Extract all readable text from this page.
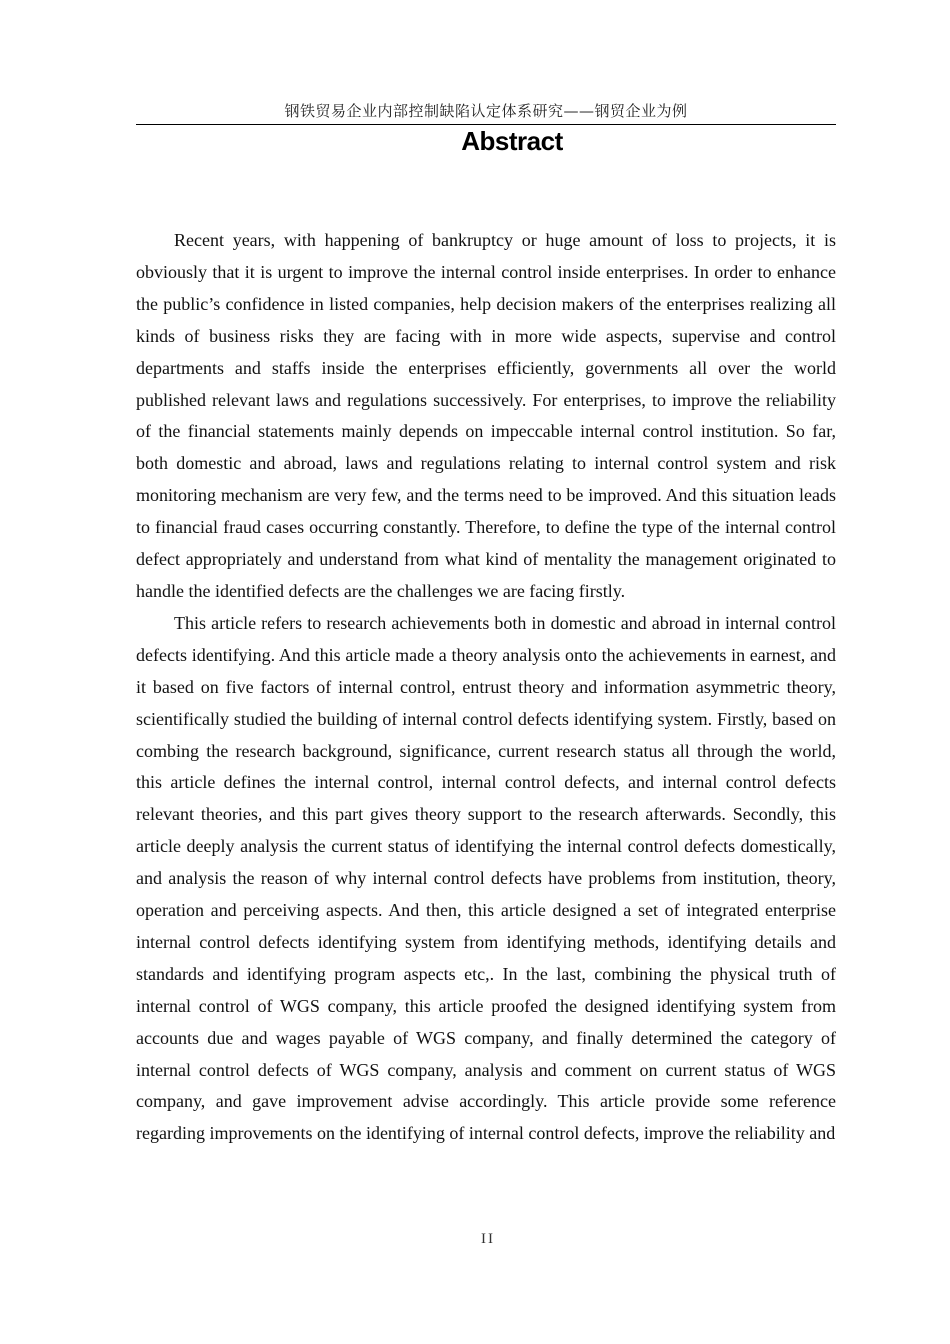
钢铁贸易企业内部控制缺陷认定体系研究——钢贸企业为例
Abstract

Recent years, with happening of bankruptcy or huge amount of loss to projects, it is obviously that it is urgent to improve the internal control inside enterprises. In order to enhance the public’s confidence in listed companies, help decision makers of the enterprises realizing all kinds of business risks they are facing with in more wide aspects, supervise and control departments and staffs inside the enterprises efficiently, governments all over the world published relevant laws and regulations successively. For enterprises, to improve the reliability of the financial statements mainly depends on impeccable internal control institution. So far, both domestic and abroad, laws and regulations relating to internal control system and risk monitoring mechanism are very few, and the terms need to be improved. And this situation leads to financial fraud cases occurring constantly. Therefore, to define the type of the internal control defect appropriately and understand from what kind of mentality the management originated to handle the identified defects are the challenges we are facing firstly.

This article refers to research achievements both in domestic and abroad in internal control defects identifying. And this article made a theory analysis onto the achievements in earnest, and it based on five factors of internal control, entrust theory and information asymmetric theory, scientifically studied the building of internal control defects identifying system. Firstly, based on combing the research background, significance, current research status all through the world, this article defines the internal control, internal control defects, and internal control defects relevant theories, and this part gives theory support to the research afterwards. Secondly, this article deeply analysis the current status of identifying the internal control defects domestically, and analysis the reason of why internal control defects have problems from institution, theory, operation and perceiving aspects. And then, this article designed a set of integrated enterprise internal control defects identifying system from identifying methods, identifying details and standards and identifying program aspects etc,. In the last, combining the physical truth of internal control of WGS company, this article proofed the designed identifying system from accounts due and wages payable of WGS company, and finally determined the category of internal control defects of WGS company, analysis and comment on current status of WGS company, and gave improvement advise accordingly. This article provide some reference regarding improvements on the identifying of internal control defects, improve the reliability and

II
